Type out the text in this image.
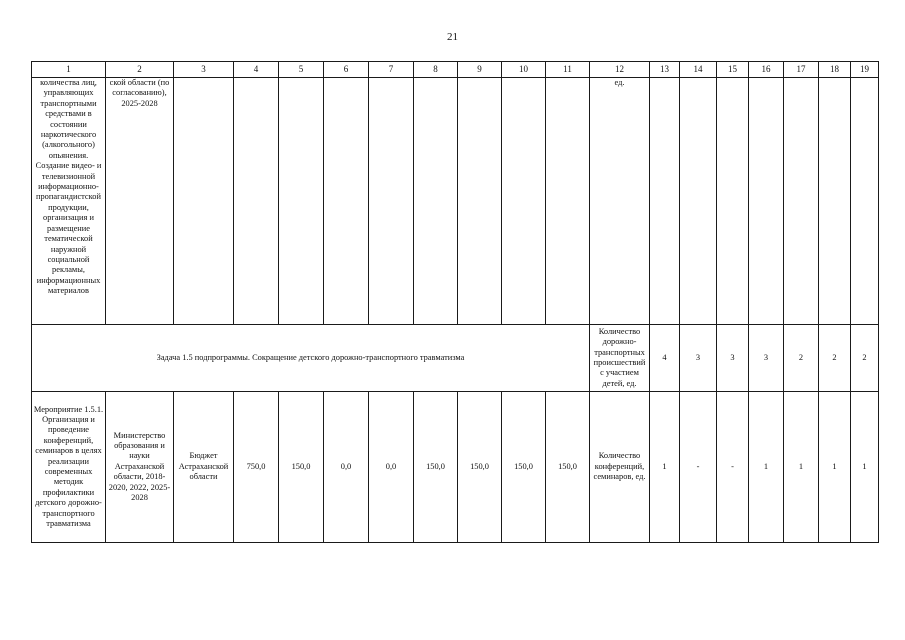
21
1	2	3	4	5	6	7	8	9	10	11	12	13	14	15	16	17	18	19
количества лиц, управляющих транспортными средствами в состоянии наркотического (алкогольного) опьянения. Создание видео- и телевизионной информационно-пропагандистской продукции, организация и размещение тематической наружной социальной рекламы, информационных материалов	ской области (по согласованию), 2025-2028										ед.							
Задача 1.5 подпрограммы. Сокращение детского дорожно-транспортного травматизма											Количество дорожно-транспортных происшествий с участием детей, ед.	4	3	3	3	2	2	2
Мероприятие 1.5.1. Организация и проведение конференций, семинаров в целях реализации современных методик профилактики детского дорожно-транспортного травматизма	Министерство образования и науки Астраханской области, 2018-2020, 2022, 2025-2028	Бюджет Астраханской области	750,0	150,0	0,0	0,0	150,0	150,0	150,0	150,0	Количество конференций, семинаров, ед.	1	-	-	1	1	1	1
